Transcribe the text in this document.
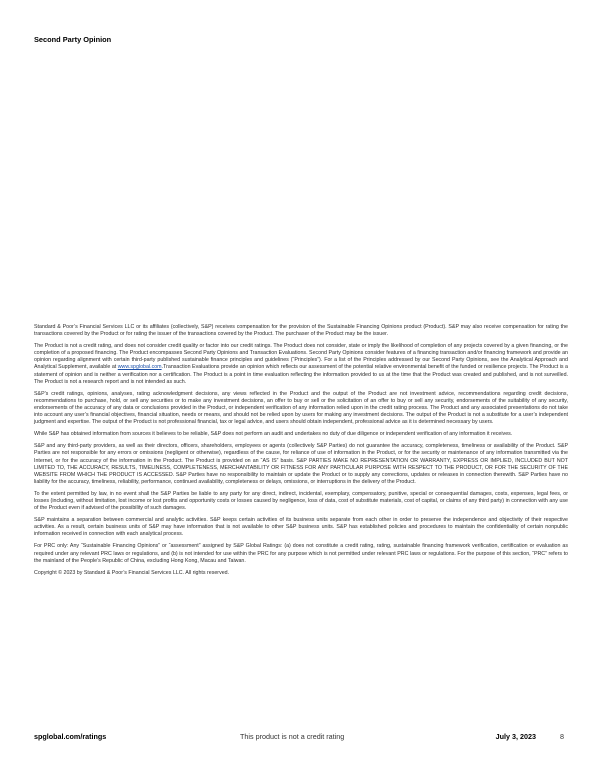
Second Party Opinion

Standard & Poor’s Financial Services LLC or its affiliates (collectively, S&P) receives compensation for the provision of the Sustainable Financing Opinions product (Product). S&P may also receive compensation for rating the transactions covered by the Product or for rating the issuer of the transactions covered by the Product. The purchaser of the Product may be the issuer.

The Product is not a credit rating, and does not consider credit quality or factor into our credit ratings. The Product does not consider, state or imply the likelihood of completion of any projects covered by a given financing, or the completion of a proposed financing. The Product encompasses Second Party Opinions and Transaction Evaluations. Second Party Opinions consider features of a financing transaction and/or financing framework and provide an opinion regarding alignment with certain third-party published sustainable finance principles and guidelines (“Principles”). For a list of the Principles addressed by our Second Party Opinions, see the Analytical Approach and Analytical Supplement, available at www.spglobal.com.Transaction Evaluations provide an opinion which reflects our assessment of the potential relative environmental benefit of the funded or resilience projects. The Product is a statement of opinion and is neither a verification nor a certification. The Product is a point in time evaluation reflecting the information provided to us at the time that the Product was created and published, and is not surveilled. The Product is not a research report and is not intended as such.

S&P’s credit ratings, opinions, analyses, rating acknowledgment decisions, any views reflected in the Product and the output of the Product are not investment advice, recommendations regarding credit decisions, recommendations to purchase, hold, or sell any securities or to make any investment decisions, an offer to buy or sell or the solicitation of an offer to buy or sell any security, endorsements of the suitability of any security, endorsements of the accuracy of any data or conclusions provided in the Product, or independent verification of any information relied upon in the credit rating process. The Product and any associated presentations do not take into account any user’s financial objectives, financial situation, needs or means, and should not be relied upon by users for making any investment decisions. The output of the Product is not a substitute for a user’s independent judgment and expertise. The output of the Product is not professional financial, tax or legal advice, and users should obtain independent, professional advice as it is determined necessary by users.

While S&P has obtained information from sources it believes to be reliable, S&P does not perform an audit and undertakes no duty of due diligence or independent verification of any information it receives.

S&P and any third-party providers, as well as their directors, officers, shareholders, employees or agents (collectively S&P Parties) do not guarantee the accuracy, completeness, timeliness or availability of the Product. S&P Parties are not responsible for any errors or omissions (negligent or otherwise), regardless of the cause, for reliance of use of information in the Product, or for the security or maintenance of any information transmitted via the Internet, or for the accuracy of the information in the Product. The Product is provided on an “AS IS” basis. S&P PARTIES MAKE NO REPRESENTATION OR WARRANTY, EXPRESS OR IMPLIED, INCLUDED BUT NOT LIMITED TO, THE ACCURACY, RESULTS, TIMELINESS, COMPLETENESS, MERCHANTABILITY OR FITNESS FOR ANY PARTICULAR PURPOSE WITH RESPECT TO THE PRODUCT, OR FOR THE SECURITY OF THE WEBSITE FROM WHICH THE PRODUCT IS ACCESSED. S&P Parties have no responsibility to maintain or update the Product or to supply any corrections, updates or releases in connection therewith. S&P Parties have no liability for the accuracy, timeliness, reliability, performance, continued availability, completeness or delays, omissions, or interruptions in the delivery of the Product.

To the extent permitted by law, in no event shall the S&P Parties be liable to any party for any direct, indirect, incidental, exemplary, compensatory, punitive, special or consequential damages, costs, expenses, legal fees, or losses (including, without limitation, lost income or lost profits and opportunity costs or losses caused by negligence, loss of data, cost of substitute materials, cost of capital, or claims of any third party) in connection with any use of the Product even if advised of the possibility of such damages.

S&P maintains a separation between commercial and analytic activities. S&P keeps certain activities of its business units separate from each other in order to preserve the independence and objectivity of their respective activities. As a result, certain business units of S&P may have information that is not available to other S&P business units. S&P has established policies and procedures to maintain the confidentiality of certain nonpublic information received in connection with each analytical process.

For PRC only: Any “Sustainable Financing Opinions” or “assessment” assigned by S&P Global Ratings: (a) does not constitute a credit rating, rating, sustainable financing framework verification, certification or evaluation as required under any relevant PRC laws or regulations, and (b) is not intended for use within the PRC for any purpose which is not permitted under relevant PRC laws or regulations. For the purpose of this section, “PRC” refers to the mainland of the People’s Republic of China, excluding Hong Kong, Macau and Taiwan.

Copyright © 2023 by Standard & Poor’s Financial Services LLC. All rights reserved.

spglobal.com/ratings	This product is not a credit rating	July 3, 2023	8
